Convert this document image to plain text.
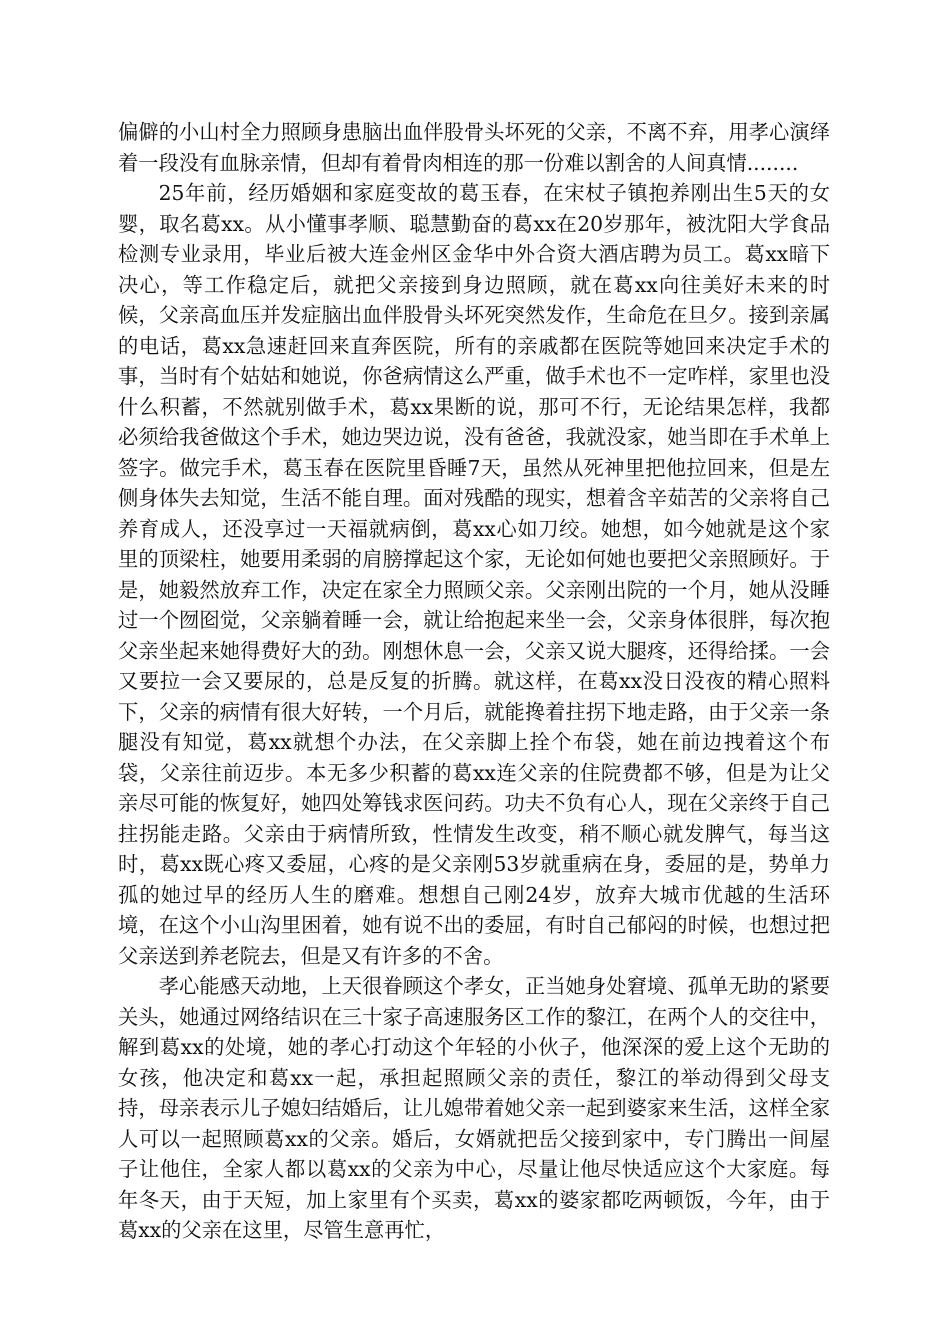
偏僻的小山村全力照顾身患脑出血伴股骨头坏死的父亲，不离不弃，用孝心演绎着一段没有血脉亲情，但却有着骨肉相连的那一份难以割舍的人间真情........

25年前，经历婚姻和家庭变故的葛玉春，在宋杖子镇抱养刚出生5天的女婴，取名葛xx。从小懂事孝顺、聪慧勤奋的葛xx在20岁那年，被沈阳大学食品检测专业录用，毕业后被大连金州区金华中外合资大酒店聘为员工。葛xx暗下决心，等工作稳定后，就把父亲接到身边照顾，就在葛xx向往美好未来的时候，父亲高血压并发症脑出血伴股骨头坏死突然发作，生命危在旦夕。接到亲属的电话，葛xx急速赶回来直奔医院，所有的亲戚都在医院等她回来决定手术的事，当时有个姑姑和她说，你爸病情这么严重，做手术也不一定咋样，家里也没什么积蓄，不然就别做手术，葛xx果断的说，那可不行，无论结果怎样，我都必须给我爸做这个手术，她边哭边说，没有爸爸，我就没家，她当即在手术单上签字。做完手术，葛玉春在医院里昏睡7天，虽然从死神里把他拉回来，但是左侧身体失去知觉，生活不能自理。面对残酷的现实，想着含辛茹苦的父亲将自己养育成人，还没享过一天福就病倒，葛xx心如刀绞。她想，如今她就是这个家里的顶梁柱，她要用柔弱的肩膀撑起这个家，无论如何她也要把父亲照顾好。于是，她毅然放弃工作，决定在家全力照顾父亲。父亲刚出院的一个月，她从没睡过一个囫囵觉，父亲躺着睡一会，就让给抱起来坐一会，父亲身体很胖，每次抱父亲坐起来她得费好大的劲。刚想休息一会，父亲又说大腿疼，还得给揉。一会又要拉一会又要尿的，总是反复的折腾。就这样，在葛xx没日没夜的精心照料下，父亲的病情有很大好转，一个月后，就能搀着拄拐下地走路，由于父亲一条腿没有知觉，葛xx就想个办法，在父亲脚上拴个布袋，她在前边拽着这个布袋，父亲往前迈步。本无多少积蓄的葛xx连父亲的住院费都不够，但是为让父亲尽可能的恢复好，她四处筹钱求医问药。功夫不负有心人，现在父亲终于自己拄拐能走路。父亲由于病情所致，性情发生改变，稍不顺心就发脾气，每当这时，葛xx既心疼又委屈，心疼的是父亲刚53岁就重病在身，委屈的是，势单力孤的她过早的经历人生的磨难。想想自己刚24岁，放弃大城市优越的生活环境，在这个小山沟里困着，她有说不出的委屈，有时自己郁闷的时候，也想过把父亲送到养老院去，但是又有许多的不舍。

孝心能感天动地，上天很眷顾这个孝女，正当她身处窘境、孤单无助的紧要关头，她通过网络结识在三十家子高速服务区工作的黎江，在两个人的交往中，解到葛xx的处境，她的孝心打动这个年轻的小伙子，他深深的爱上这个无助的女孩，他决定和葛xx一起，承担起照顾父亲的责任，黎江的举动得到父母支持，母亲表示儿子媳妇结婚后，让儿媳带着她父亲一起到婆家来生活，这样全家人可以一起照顾葛xx的父亲。婚后，女婿就把岳父接到家中，专门腾出一间屋子让他住，全家人都以葛xx的父亲为中心，尽量让他尽快适应这个大家庭。每年冬天，由于天短，加上家里有个买卖，葛xx的婆家都吃两顿饭，今年，由于葛xx的父亲在这里，尽管生意再忙，
